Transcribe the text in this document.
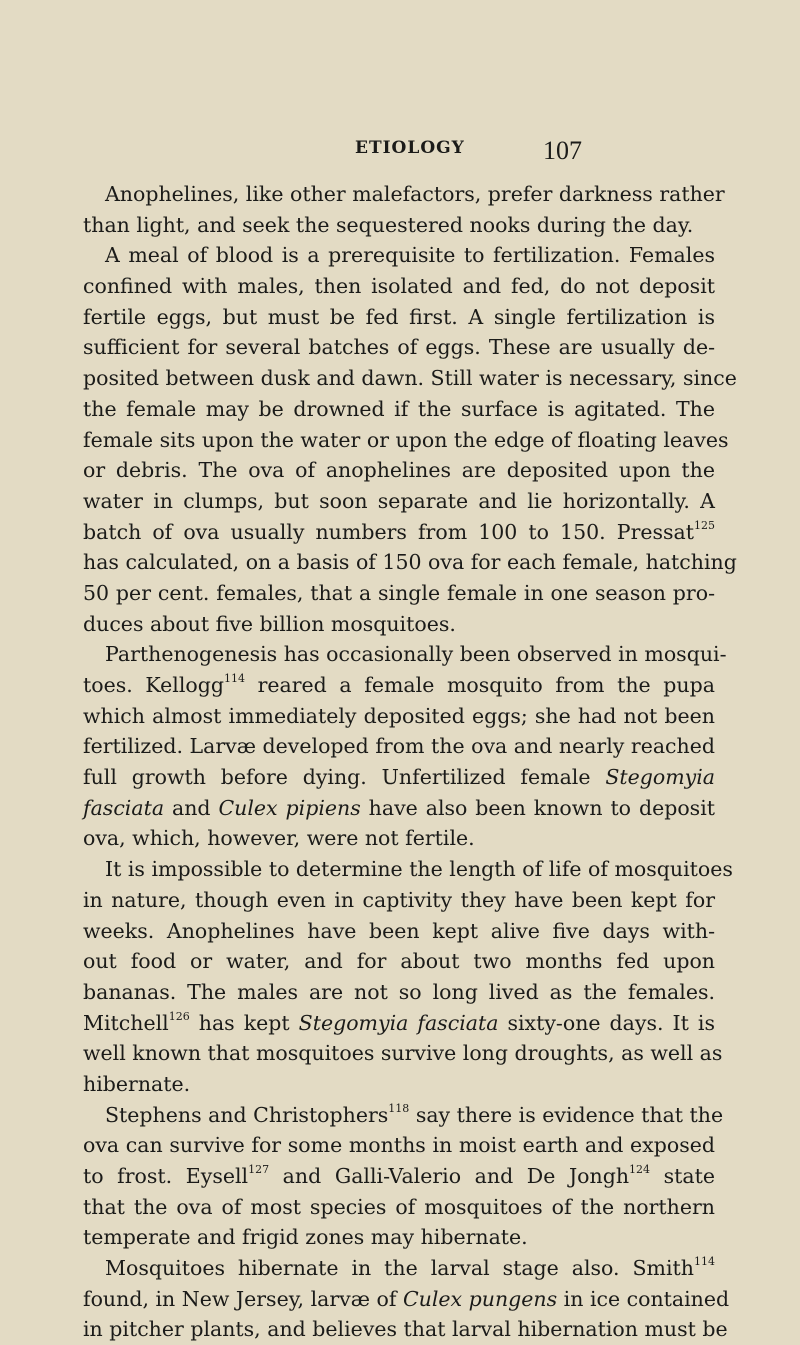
ETIOLOGY	107
Anophelines, like other malefactors, prefer darkness rather
than light, and seek the sequestered nooks during the day.
A meal of blood is a prerequisite to fertilization. Females
confined with males, then isolated and fed, do not deposit
fertile eggs, but must be fed first. A single fertilization is
sufficient for several batches of eggs. These are usually de-
posited between dusk and dawn. Still water is necessary, since
the female may be drowned if the surface is agitated. The
female sits upon the water or upon the edge of floating leaves
or debris. The ova of anophelines are deposited upon the
water in clumps, but soon separate and lie horizontally. A
batch of ova usually numbers from 100 to 150. Pressat$^{125}$
has calculated, on a basis of 150 ova for each female, hatching
50 per cent. females, that a single female in one season pro-
duces about five billion mosquitoes.
Parthenogenesis has occasionally been observed in mosqui-
toes. Kellogg$^{114}$ reared a female mosquito from the pupa
which almost immediately deposited eggs; she had not been
fertilized. Larvæ developed from the ova and nearly reached
full growth before dying. Unfertilized female Stegomyia
fasciata and Culex pipiens have also been known to deposit
ova, which, however, were not fertile.
It is impossible to determine the length of life of mosquitoes
in nature, though even in captivity they have been kept for
weeks. Anophelines have been kept alive five days with-
out food or water, and for about two months fed upon
bananas. The males are not so long lived as the females.
Mitchell$^{126}$ has kept Stegomyia fasciata sixty-one days. It is
well known that mosquitoes survive long droughts, as well as
hibernate.
Stephens and Christophers$^{118}$ say there is evidence that the
ova can survive for some months in moist earth and exposed
to frost. Eysell$^{127}$ and Galli-Valerio and De Jongh$^{124}$ state
that the ova of most species of mosquitoes of the northern
temperate and frigid zones may hibernate.
Mosquitoes hibernate in the larval stage also. Smith$^{114}$
found, in New Jersey, larvæ of Culex pungens in ice contained
in pitcher plants, and believes that larval hibernation must be
